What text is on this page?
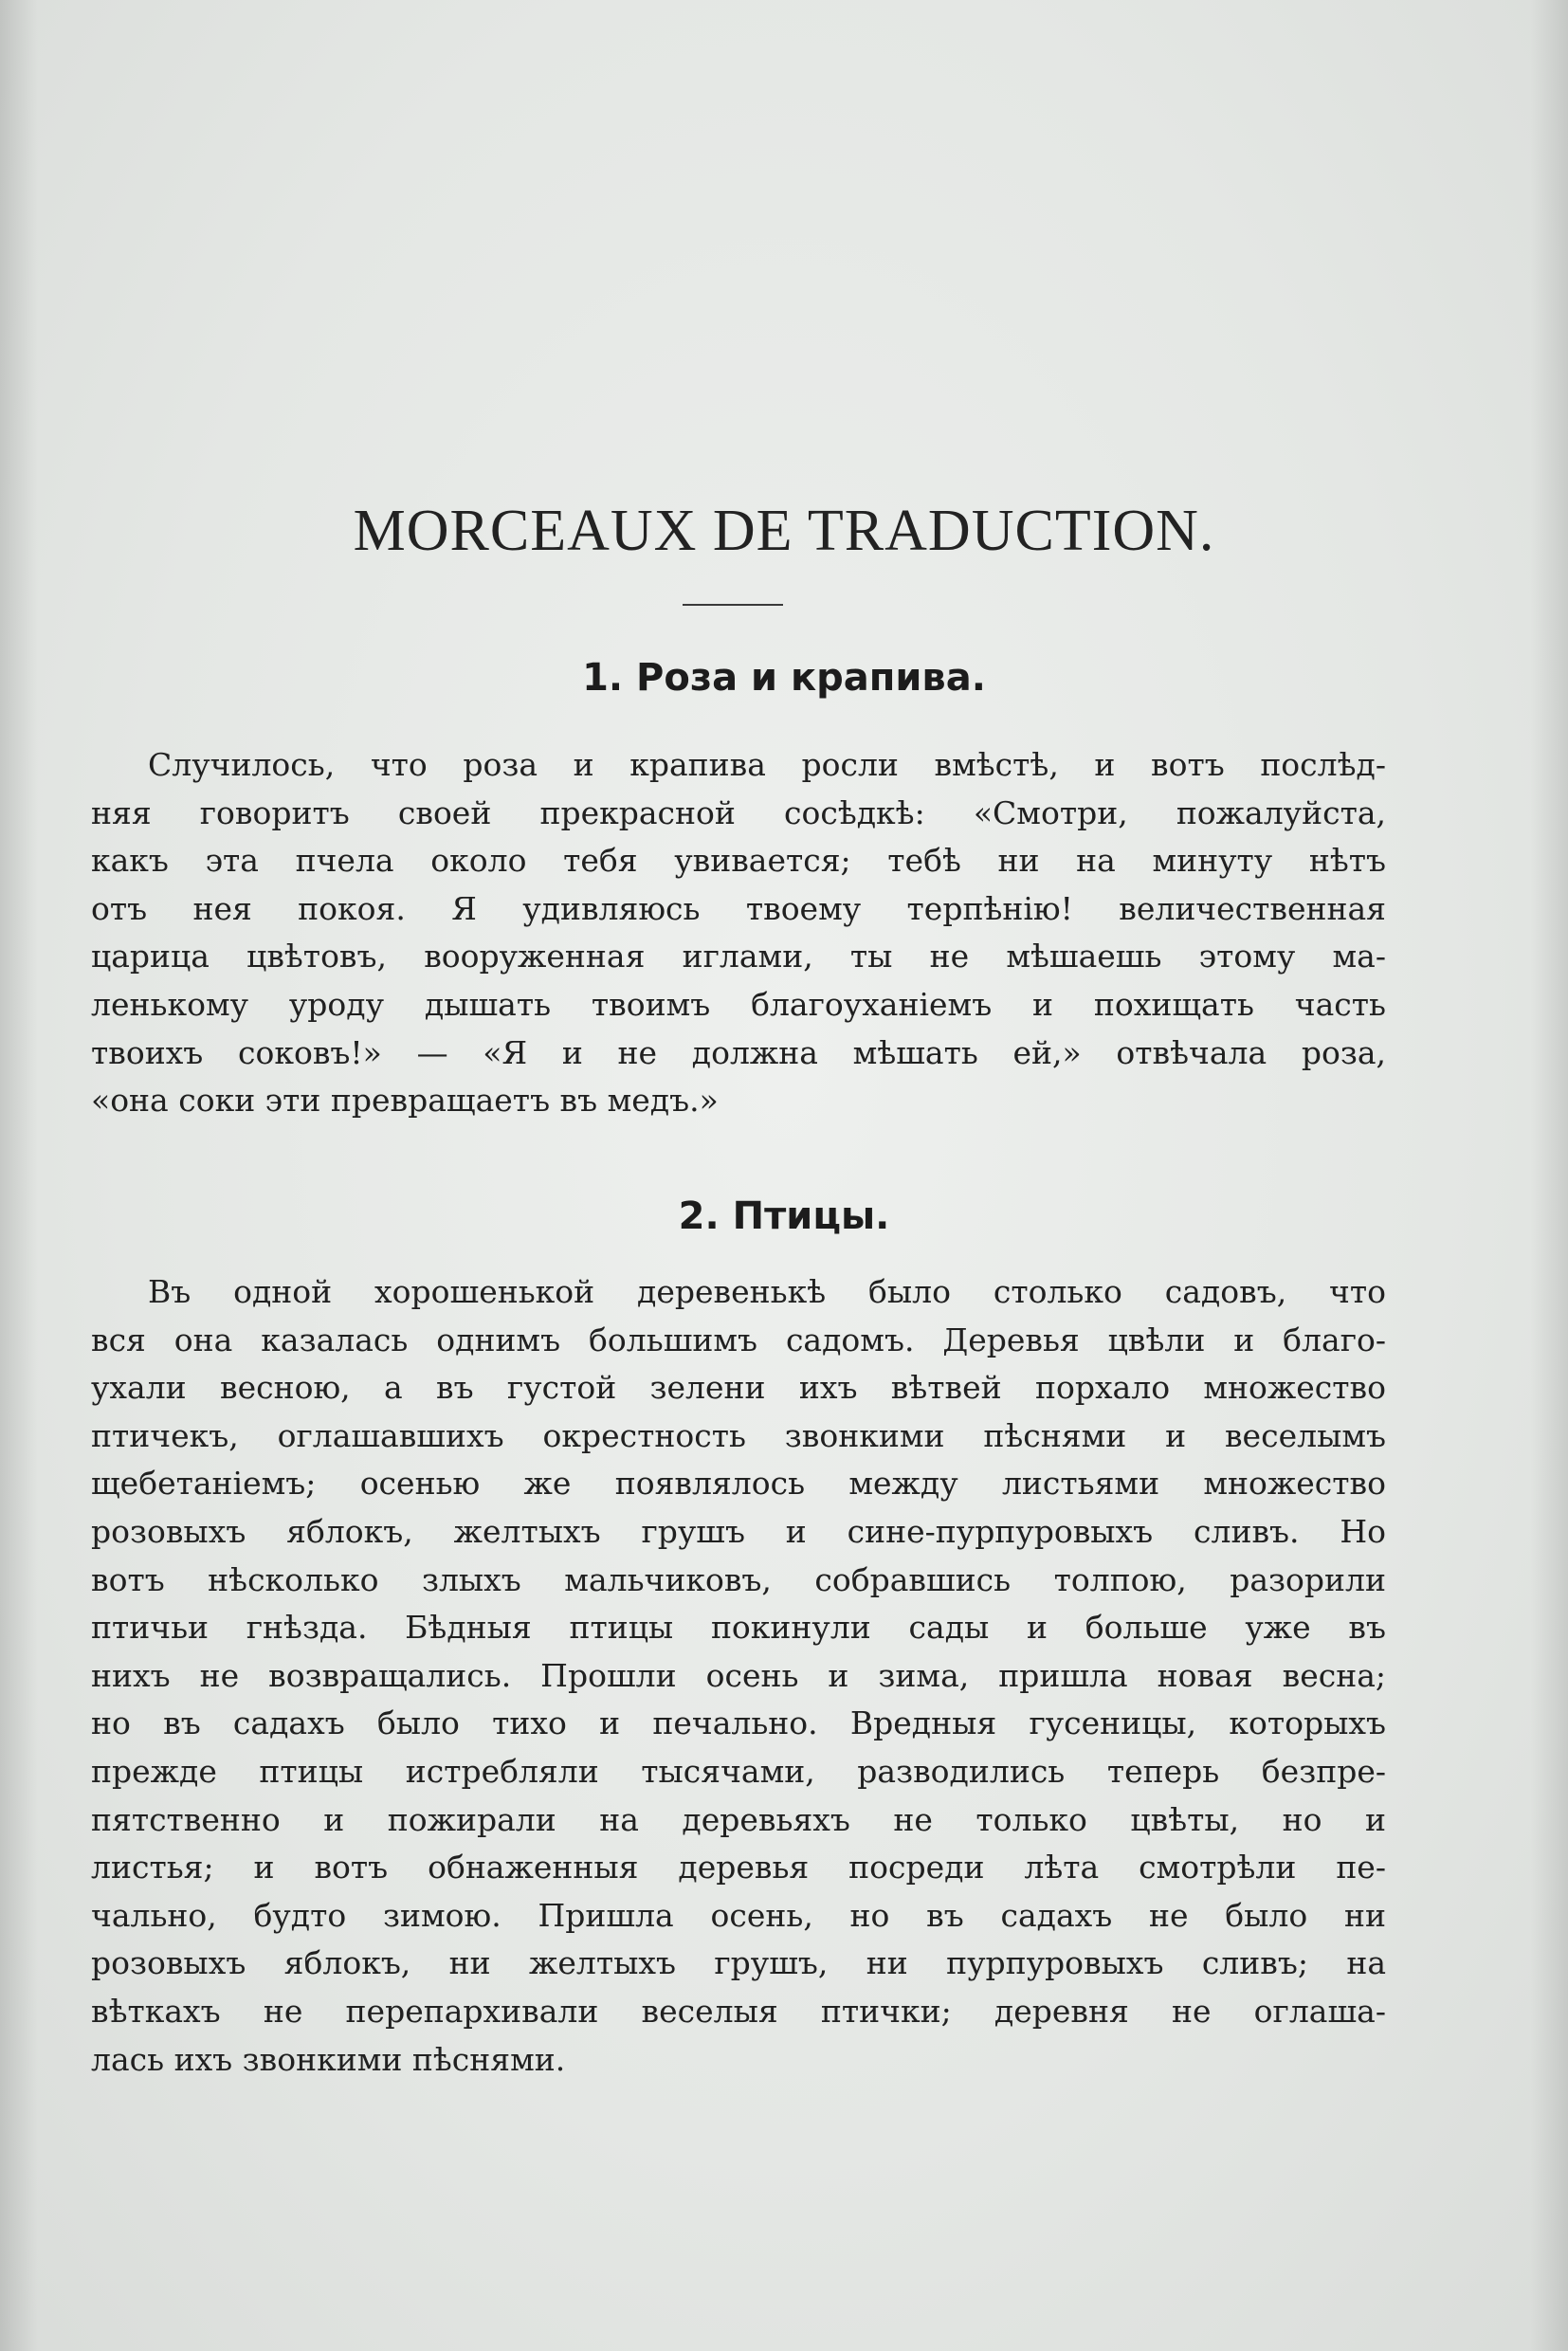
MORCEAUX DE TRADUCTION.
1. Роза и крапива.
Случилось, что роза и крапива росли вмѣстѣ, и вотъ послѣд-
няя говоритъ своей прекрасной сосѣдкѣ: «Смотри, пожалуйста,
какъ эта пчела около тебя увивается; тебѣ ни на минуту нѣтъ
отъ нея покоя. Я удивляюсь твоему терпѣнію! величественная
царица цвѣтовъ, вооруженная иглами, ты не мѣшаешь этому ма-
ленькому уроду дышать твоимъ благоуханіемъ и похищать часть
твоихъ соковъ!» — «Я и не должна мѣшать ей,» отвѣчала роза,
«она соки эти превращаетъ въ медъ.»
2. Птицы.
Въ одной хорошенькой деревенькѣ было столько садовъ, что
вся она казалась однимъ большимъ садомъ. Деревья цвѣли и благо-
ухали весною, а въ густой зелени ихъ вѣтвей порхало множество
птичекъ, оглашавшихъ окрестность звонкими пѣснями и веселымъ
щебетаніемъ; осенью же появлялось между листьями множество
розовыхъ яблокъ, желтыхъ грушъ и сине-пурпуровыхъ сливъ. Но
вотъ нѣсколько злыхъ мальчиковъ, собравшись толпою, разорили
птичьи гнѣзда. Бѣдныя птицы покинули сады и больше уже въ
нихъ не возвращались. Прошли осень и зима, пришла новая весна;
но въ садахъ было тихо и печально. Вредныя гусеницы, которыхъ
прежде птицы истребляли тысячами, разводились теперь безпре-
пятственно и пожирали на деревьяхъ не только цвѣты, но и
листья; и вотъ обнаженныя деревья посреди лѣта смотрѣли пе-
чально, будто зимою. Пришла осень, но въ садахъ не было ни
розовыхъ яблокъ, ни желтыхъ грушъ, ни пурпуровыхъ сливъ; на
вѣткахъ не перепархивали веселыя птички; деревня не оглаша-
лась ихъ звонкими пѣснями.
